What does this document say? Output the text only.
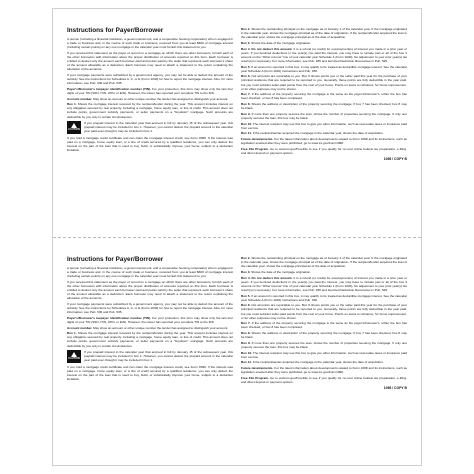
Instructions for Payer/Borrower

A person (including a financial institution, a governmental unit, and a cooperative housing corporation) who is engaged in a trade or business and, in the course of such trade or business, received from you at least $600 of mortgage interest (including certain points) on any one mortgage in the calendar year must furnish this statement to you.

If you received this statement as the payer of record on a mortgage on which there are other borrowers, furnish each of the other borrowers with information about the proper distribution of amounts reported on this form. Each borrower is entitled to deduct only the amount each borrower paid and points paid by the seller that represent each borrower's share of the amount allowable as a deduction. Each borrower may need to attach a statement to the return explaining the allocation of the amounts.

If your mortgage payments were subsidized by a government agency, you may not be able to deduct the amount of the subsidy. See the instructions for Schedules A, C, or E (Form 1040) for how to report the mortgage interest. Also, for more information, see Pub. 936 and Pub. 535.

Payer's/Borrower's taxpayer identification number (TIN). For your protection, this form may show only the last four digits of your TIN (SSN, ITIN, ATIN, or EIN). However, the issuer has reported your complete TIN to the IRS.

Account number. May show an account or other unique number the lender has assigned to distinguish your account.

Box 1. Shows the mortgage interest received by the recipient/lender during the year. This amount includes interest on any obligation secured by real property, including a mortgage, home equity loan, or line of credit. This amount does not include points, government subsidy payments, or seller payments on a "buydown" mortgage. Such amounts are deductible by you only in certain circumstances.

CAUTION
If you prepaid interest in the calendar year that accrued in full by January 15 of the subsequent year, this prepaid interest may be included in box 1. However, you cannot deduct the prepaid amount in the calendar year paid even though it may be included in box 1.

If you hold a mortgage credit certificate and can claim the mortgage interest credit, see Form 8396. If the interest was paid on a mortgage, home equity loan, or a line of credit secured by a qualified residence, you can only deduct the interest on the part of the loan that is used to buy, build, or substantially improve your home, subject to a deduction limitation.

Box 2. Shows the outstanding principal on the mortgage as of January 1 of the calendar year. If the mortgage originated in the calendar year, shows the mortgage principal as of the date of origination. If the recipient/lender acquired the loan in the calendar year, shows the mortgage principal as of the date of acquisition.

Box 3. Shows the date of the mortgage origination.

Box 4. Do not deduct this amount. It is a refund (or credit) for overpayment(s) of interest you made in a prior year or years. If you itemized deductions in the year(s) you paid the interest, you may have to include part or all of the box 4 amount on the "Other income" line of your calendar year Schedule 1 (Form 1040). No adjustment to your prior year(s) tax return(s) is necessary. For more information, see Pub. 936 and Itemized Deduction Recoveries in Pub. 525.

Box 5. If an amount is reported in this box, it may qualify to be treated as deductible mortgage interest. See the calendar year Schedule A (Form 1040) instructions and Pub. 936.

Box 6. Not all points are reportable to you. Box 6 shows points you or the seller paid this year for the purchase of your principal residence that are required to be reported to you. Generally, these points are fully deductible in the year paid, but you must subtract seller-paid points from the cost of your home. Points on loans to refinance, for home improvement, or for other purposes may not be shown.

Box 7. If the address of the property securing the mortgage is the same as the payer's/borrower's, either the box has been checked, or box 8 has been completed.

Box 8. Shows the address or description of the property securing the mortgage. If box 7 has been checked, box 8 may be blank.

Box 9. If more than one property secures the loan, shows the number of properties securing the mortgage. If only one property secures the loan, this box may be blank.

Box 10. The interest recipient may use this box to give you other information, such as real estate taxes or insurance paid from escrow.

Box 11. If the recipient/lender acquired the mortgage in the calendar year, shows the date of acquisition.

Future developments. For the latest information about developments related to Form 1098 and its instructions, such as legislation enacted after they were published, go to www.irs.gov/Form1098.

Free File Program. Go to www.irs.gov/FreeFile to see if you qualify for no-cost online federal tax preparation, e-filing, and direct deposit or payment options.

1098 / COPY B
Instructions for Payer/Borrower

A person (including a financial institution, a governmental unit, and a cooperative housing corporation) who is engaged in a trade or business and, in the course of such trade or business, received from you at least $600 of mortgage interest (including certain points) on any one mortgage in the calendar year must furnish this statement to you.

If you received this statement as the payer of record on a mortgage on which there are other borrowers, furnish each of the other borrowers with information about the proper distribution of amounts reported on this form. Each borrower is entitled to deduct only the amount each borrower paid and points paid by the seller that represent each borrower's share of the amount allowable as a deduction. Each borrower may need to attach a statement to the return explaining the allocation of the amounts.

If your mortgage payments were subsidized by a government agency, you may not be able to deduct the amount of the subsidy. See the instructions for Schedules A, C, or E (Form 1040) for how to report the mortgage interest. Also, for more information, see Pub. 936 and Pub. 535.

Payer's/Borrower's taxpayer identification number (TIN). For your protection, this form may show only the last four digits of your TIN (SSN, ITIN, ATIN, or EIN). However, the issuer has reported your complete TIN to the IRS.

Account number. May show an account or other unique number the lender has assigned to distinguish your account.

Box 1. Shows the mortgage interest received by the recipient/lender during the year. This amount includes interest on any obligation secured by real property, including a mortgage, home equity loan, or line of credit. This amount does not include points, government subsidy payments, or seller payments on a "buydown" mortgage. Such amounts are deductible by you only in certain circumstances.

CAUTION
If you prepaid interest in the calendar year that accrued in full by January 15 of the subsequent year, this prepaid interest may be included in box 1. However, you cannot deduct the prepaid amount in the calendar year paid even though it may be included in box 1.

If you hold a mortgage credit certificate and can claim the mortgage interest credit, see Form 8396. If the interest was paid on a mortgage, home equity loan, or a line of credit secured by a qualified residence, you can only deduct the interest on the part of the loan that is used to buy, build, or substantially improve your home, subject to a deduction limitation.

Box 2. Shows the outstanding principal on the mortgage as of January 1 of the calendar year. If the mortgage originated in the calendar year, shows the mortgage principal as of the date of origination. If the recipient/lender acquired the loan in the calendar year, shows the mortgage principal as of the date of acquisition.

Box 3. Shows the date of the mortgage origination.

Box 4. Do not deduct this amount. It is a refund (or credit) for overpayment(s) of interest you made in a prior year or years. If you itemized deductions in the year(s) you paid the interest, you may have to include part or all of the box 4 amount on the "Other income" line of your calendar year Schedule 1 (Form 1040). No adjustment to your prior year(s) tax return(s) is necessary. For more information, see Pub. 936 and Itemized Deduction Recoveries in Pub. 525.

Box 5. If an amount is reported in this box, it may qualify to be treated as deductible mortgage interest. See the calendar year Schedule A (Form 1040) instructions and Pub. 936.

Box 6. Not all points are reportable to you. Box 6 shows points you or the seller paid this year for the purchase of your principal residence that are required to be reported to you. Generally, these points are fully deductible in the year paid, but you must subtract seller-paid points from the cost of your home. Points on loans to refinance, for home improvement, or for other purposes may not be shown.

Box 7. If the address of the property securing the mortgage is the same as the payer's/borrower's, either the box has been checked, or box 8 has been completed.

Box 8. Shows the address or description of the property securing the mortgage. If box 7 has been checked, box 8 may be blank.

Box 9. If more than one property secures the loan, shows the number of properties securing the mortgage. If only one property secures the loan, this box may be blank.

Box 10. The interest recipient may use this box to give you other information, such as real estate taxes or insurance paid from escrow.

Box 11. If the recipient/lender acquired the mortgage in the calendar year, shows the date of acquisition.

Future developments. For the latest information about developments related to Form 1098 and its instructions, such as legislation enacted after they were published, go to www.irs.gov/Form1098.

Free File Program. Go to www.irs.gov/FreeFile to see if you qualify for no-cost online federal tax preparation, e-filing, and direct deposit or payment options.

1098 / COPY B
